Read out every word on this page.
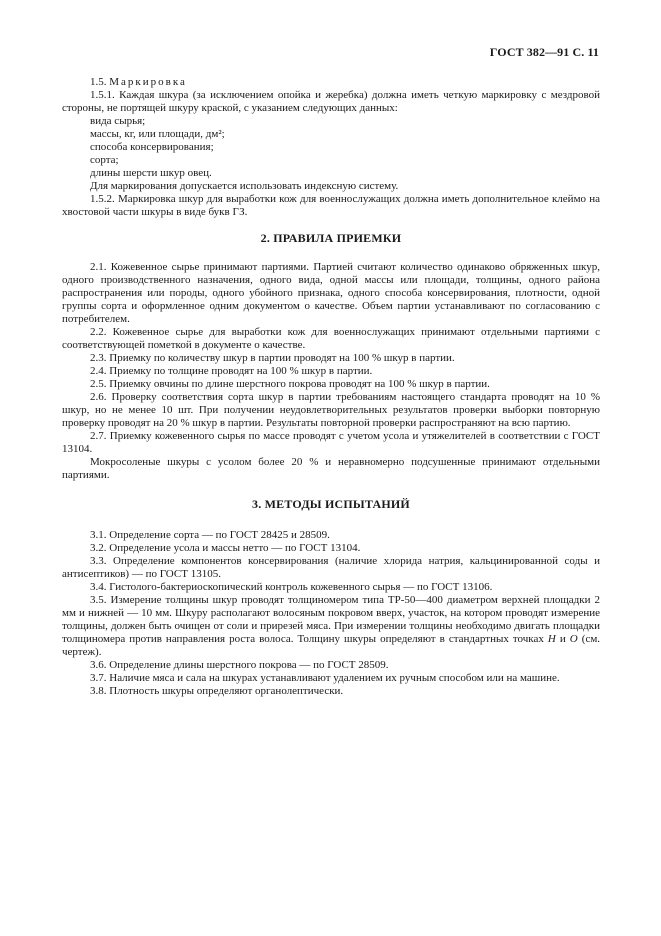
ГОСТ 382—91 С. 11

1.5. Маркировка

1.5.1. Каждая шкура (за исключением опойка и жеребка) должна иметь четкую маркировку с мездровой стороны, не портящей шкуру краской, с указанием следующих данных:

вида сырья;

массы, кг, или площади, дм²;

способа консервирования;

сорта;

длины шерсти шкур овец.

Для маркирования допускается использовать индексную систему.

1.5.2. Маркировка шкур для выработки кож для военнослужащих должна иметь дополнительное клеймо на хвостовой части шкуры в виде букв ГЗ.

2. ПРАВИЛА ПРИЕМКИ

2.1. Кожевенное сырье принимают партиями. Партией считают количество одинаково обряженных шкур, одного производственного назначения, одного вида, одной массы или площади, толщины, одного района распространения или породы, одного убойного признака, одного способа консервирования, плотности, одной группы сорта и оформленное одним документом о качестве. Объем партии устанавливают по согласованию с потребителем.

2.2. Кожевенное сырье для выработки кож для военнослужащих принимают отдельными партиями с соответствующей пометкой в документе о качестве.

2.3. Приемку по количеству шкур в партии проводят на 100 % шкур в партии.

2.4. Приемку по толщине проводят на 100 % шкур в партии.

2.5. Приемку овчины по длине шерстного покрова проводят на 100 % шкур в партии.

2.6. Проверку соответствия сорта шкур в партии требованиям настоящего стандарта проводят на 10 % шкур, но не менее 10 шт. При получении неудовлетворительных результатов проверки выборки повторную проверку проводят на 20 % шкур в партии. Результаты повторной проверки распространяют на всю партию.

2.7. Приемку кожевенного сырья по массе проводят с учетом усола и утяжелителей в соответствии с ГОСТ 13104.

Мокросоленые шкуры с усолом более 20 % и неравномерно подсушенные принимают отдельными партиями.

3. МЕТОДЫ ИСПЫТАНИЙ

3.1. Определение сорта — по ГОСТ 28425 и 28509.

3.2. Определение усола и массы нетто — по ГОСТ 13104.

3.3. Определение компонентов консервирования (наличие хлорида натрия, кальцинированной соды и антисептиков) — по ГОСТ 13105.

3.4. Гистолого-бактериоскопический контроль кожевенного сырья — по ГОСТ 13106.

3.5. Измерение толщины шкур проводят толщиномером типа ТР-50—400 диаметром верхней площадки 2 мм и нижней — 10 мм. Шкуру располагают волосяным покровом вверх, участок, на котором проводят измерение толщины, должен быть очищен от соли и прирезей мяса. При измерении толщины необходимо двигать площадки толщиномера против направления роста волоса. Толщину шкуры определяют в стандартных точках Н и О (см. чертеж).

3.6. Определение длины шерстного покрова — по ГОСТ 28509.

3.7. Наличие мяса и сала на шкурах устанавливают удалением их ручным способом или на машине.

3.8. Плотность шкуры определяют органолептически.
